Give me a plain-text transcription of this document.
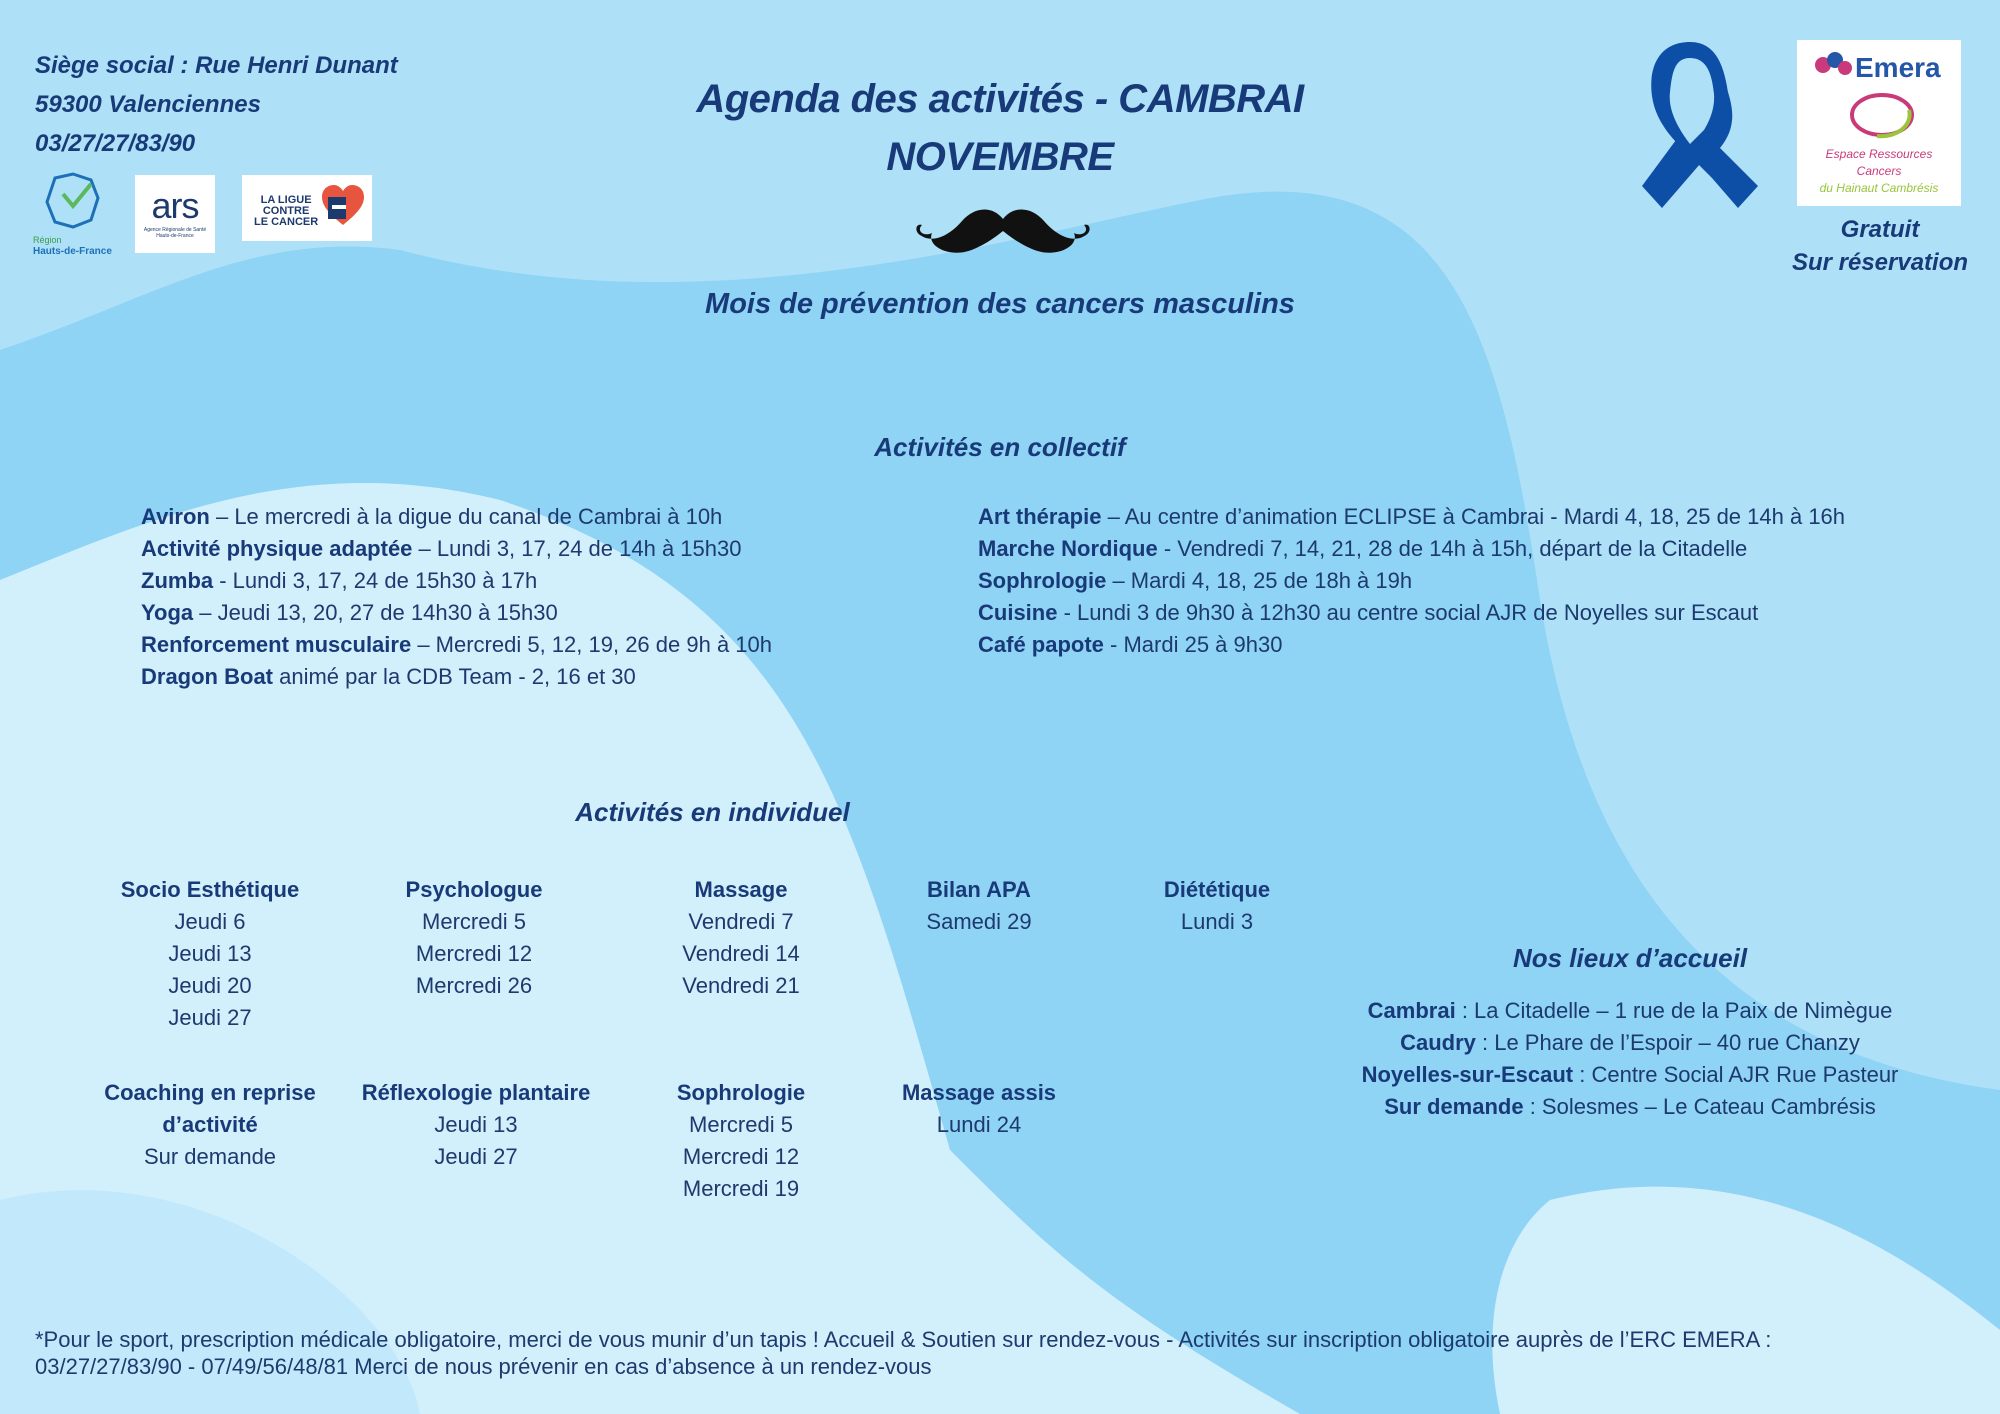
Siège social : Rue Henri Dunant
59300 Valenciennes
03/27/27/83/90
Région
Hauts-de-France
ars
Agence Régionale de Santé Hauts-de-France
LA LIGUE
CONTRE
LE CANCER
Agenda des activités - CAMBRAI
NOVEMBRE
Mois de prévention des cancers masculins
Emera
Espace Ressources
Cancers
du Hainaut Cambrésis
Gratuit
Sur réservation
Activités en collectif
Aviron – Le mercredi à la digue du canal de Cambrai à 10h
Activité physique adaptée – Lundi 3, 17, 24 de 14h à 15h30
Zumba - Lundi 3, 17, 24 de 15h30 à 17h
Yoga – Jeudi 13, 20, 27 de 14h30 à 15h30
Renforcement musculaire – Mercredi 5, 12, 19, 26 de 9h à 10h
Dragon Boat animé par la CDB Team - 2, 16 et 30
Art thérapie – Au centre d’animation ECLIPSE à Cambrai - Mardi 4, 18, 25 de 14h à 16h
Marche Nordique - Vendredi 7, 14, 21, 28 de 14h à 15h, départ de la Citadelle
Sophrologie – Mardi 4, 18, 25 de 18h à 19h
Cuisine - Lundi 3 de 9h30 à 12h30 au centre social AJR de Noyelles sur Escaut
Café papote - Mardi 25 à 9h30
Activités en individuel
Socio Esthétique
Jeudi 6
Jeudi 13
Jeudi 20
Jeudi 27
Psychologue
Mercredi 5
Mercredi 12
Mercredi 26
Massage
Vendredi 7
Vendredi 14
Vendredi 21
Bilan APA
Samedi 29
Diététique
Lundi 3
Coaching en reprise d’activité
Sur demande
Réflexologie plantaire
Jeudi 13
Jeudi 27
Sophrologie
Mercredi 5
Mercredi 12
Mercredi 19
Massage assis
Lundi 24
Nos lieux d’accueil
Cambrai : La Citadelle – 1 rue de la Paix de Nimègue
Caudry : Le Phare de l’Espoir – 40 rue Chanzy
Noyelles-sur-Escaut : Centre Social AJR Rue Pasteur
Sur demande : Solesmes – Le Cateau Cambrésis
*Pour le sport, prescription médicale obligatoire, merci de vous munir d’un tapis ! Accueil & Soutien sur rendez-vous - Activités sur inscription obligatoire auprès de l’ERC EMERA :
03/27/27/83/90 - 07/49/56/48/81 Merci de nous prévenir en cas d’absence à un rendez-vous
